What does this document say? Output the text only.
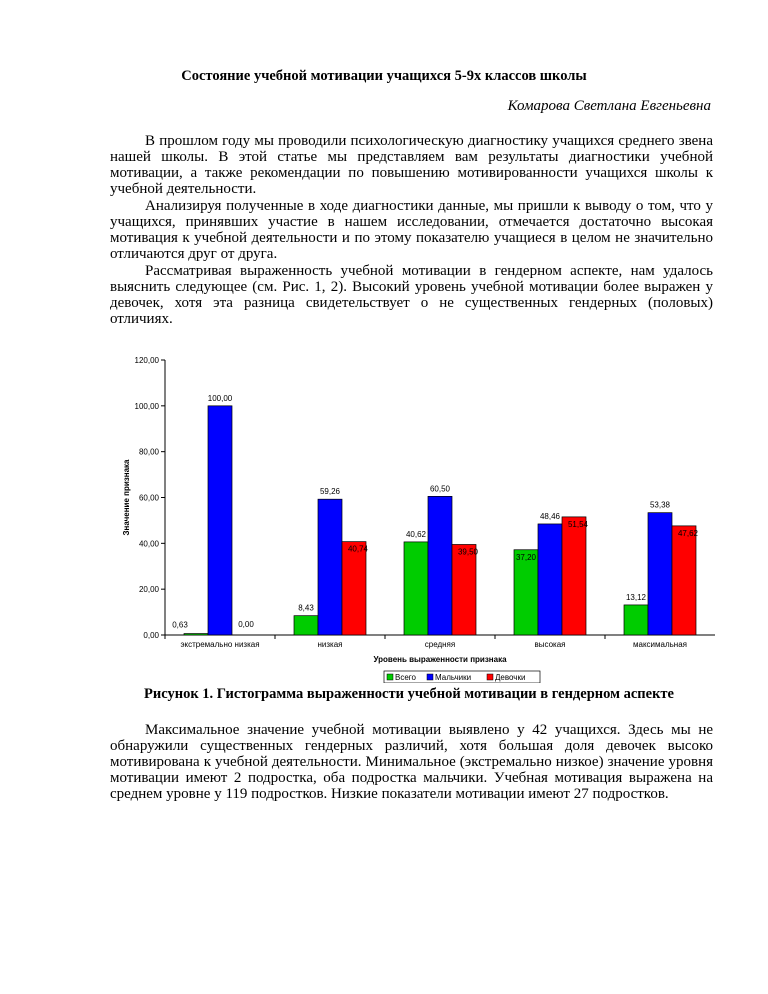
Состояние учебной мотивации учащихся 5-9х классов школы
Комарова Светлана Евгеньевна

В прошлом году мы проводили психологическую диагностику учащихся среднего звена нашей школы. В этой статье мы представляем вам результаты диагностики учебной мотивации, а также рекомендации по повышению мотивированности учащихся школы к учебной деятельности.

Анализируя полученные в ходе диагностики данные, мы пришли к выводу о том, что у учащихся, принявших участие в нашем исследовании, отмечается достаточно высокая мотивация к учебной деятельности и по этому показателю учащиеся в целом не значительно отличаются друг от друга.

Рассматривая выраженность учебной мотивации в гендерном аспекте, нам удалось выяснить следующее (см. Рис. 1, 2). Высокий уровень учебной мотивации более выражен у девочек, хотя эта разница свидетельствует о не существенных гендерных (половых) отличиях.

0,00
20,00
40,00
60,00
80,00
100,00
120,00
Значение признака
экстремально низкая	низкая	средняя	высокая	максимальная
Уровень выраженности признака
0,63
100,00
0,00
8,43
59,26
40,74
40,62
60,50
39,50
37,20
48,46
51,54
13,12
53,38
47,62
Всего Мальчики	Девочки
Рисунок 1. Гистограмма выраженности учебной мотивации в гендерном аспекте

Максимальное значение учебной мотивации выявлено у 42 учащихся. Здесь мы не обнаружили существенных гендерных различий, хотя большая доля девочек высоко мотивирована к учебной деятельности. Минимальное (экстремально низкое) значение уровня мотивации имеют 2 подростка, оба подростка мальчики. Учебная мотивация выражена на среднем уровне у 119 подростков. Низкие показатели мотивации имеют 27 подростков.
